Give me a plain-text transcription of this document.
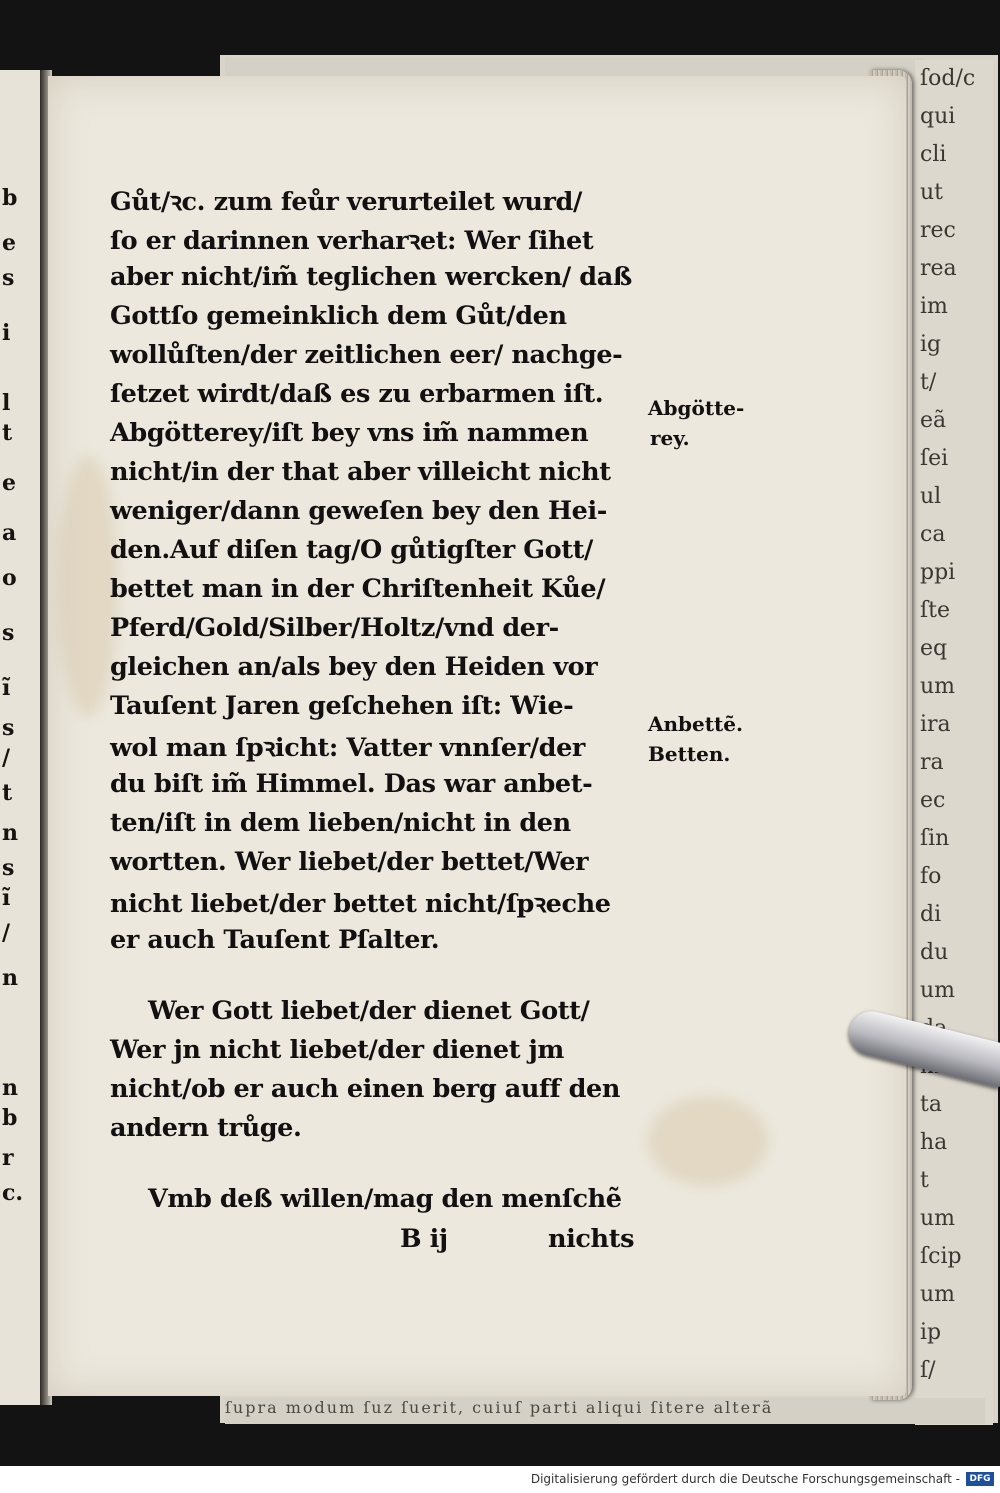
ſod/c
qui
cli
ut
rec
rea
im
ig
t/
eã
ſei
ul
ca
ppi
ſte
eq
um
ira
ra
ec
ſin
fo
di
du
um
ta
ha
t
um
ſcip
um
ip
ſ/
ſupra modum ſuz ſuerit, cuiuſ parti aliqui ſitere alterã
b
e
s
i
l
t
e
a
o
s
ĩ
s
/
t
n
s
ĩ
/
n
n
b
r
c.
Gůt/ꝛc. zum feůr verurteilet wurd/
ſo er darinnen verharꝛet: Wer ſihet
aber nicht/im̃ teglichen wercken/ daß
Gottſo gemeinklich dem Gůt/den
wollůſten/der zeitlichen eer/ nachge-
ſetzet wirdt/daß es zu erbarmen iſt.
Abgötterey/iſt bey vns im̃ nammen
nicht/in der that aber villeicht nicht
weniger/dann geweſen bey den Hei-
den.Auf diſen tag/O gůtigſter Gott/
bettet man in der Chriſtenheit Kůe/
Pferd/Gold/Silber/Holtz/vnd der-
gleichen an/als bey den Heiden vor
Tauſent Jaren geſchehen iſt: Wie-
wol man ſpꝛicht: Vatter vnnſer/der
du biſt im̃ Himmel. Das war anbet-
ten/iſt in dem lieben/nicht in den
wortten. Wer liebet/der bettet/Wer
nicht liebet/der bettet nicht/ſpꝛeche
er auch Tauſent Pſalter.
Wer Gott liebet/der dienet Gott/
Wer jn nicht liebet/der dienet jm
nicht/ob er auch einen berg auff den
andern trůge.
Vmb deß willen/mag den menſchẽ
B ij	nichts
Abgötte-
rey.
Anbettẽ.
Betten.
Digitalisierung gefördert durch die Deutsche Forschungsgemeinschaft -	DFG
